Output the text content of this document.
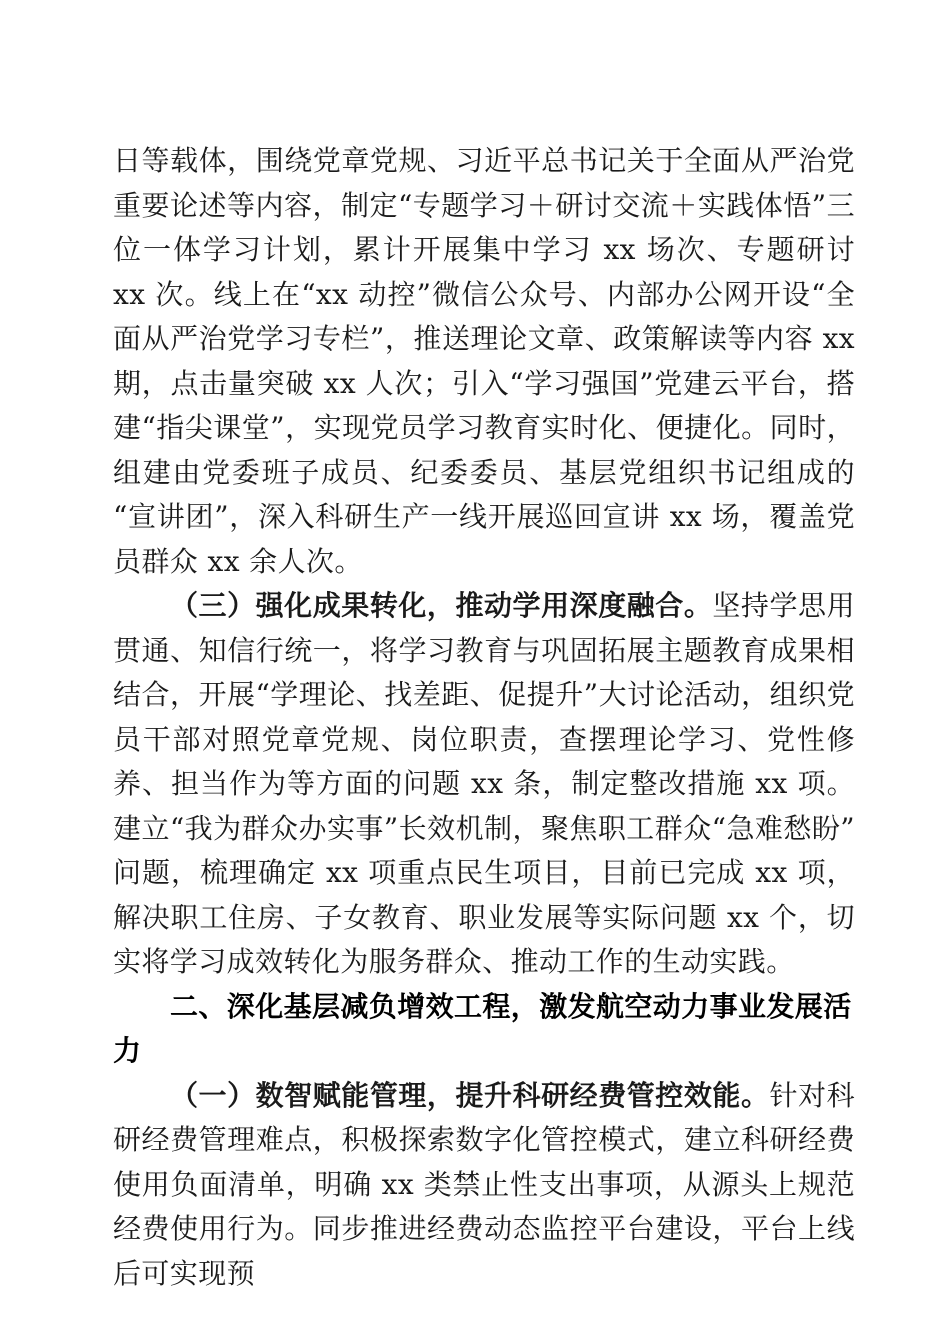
日等载体，围绕党章党规、习近平总书记关于全面从严治党重要论述等内容，制定“专题学习＋研讨交流＋实践体悟”三位一体学习计划，累计开展集中学习 xx 场次、专题研讨 xx 次。线上在“xx 动控”微信公众号、内部办公网开设“全面从严治党学习专栏”，推送理论文章、政策解读等内容 xx 期，点击量突破 xx 人次；引入“学习强国”党建云平台，搭建“指尖课堂”，实现党员学习教育实时化、便捷化。同时，组建由党委班子成员、纪委委员、基层党组织书记组成的“宣讲团”，深入科研生产一线开展巡回宣讲 xx 场，覆盖党员群众 xx 余人次。

（三）强化成果转化，推动学用深度融合。坚持学思用贯通、知信行统一，将学习教育与巩固拓展主题教育成果相结合，开展“学理论、找差距、促提升”大讨论活动，组织党员干部对照党章党规、岗位职责，查摆理论学习、党性修养、担当作为等方面的问题 xx 条，制定整改措施 xx 项。建立“我为群众办实事”长效机制，聚焦职工群众“急难愁盼”问题，梳理确定 xx 项重点民生项目，目前已完成 xx 项，解决职工住房、子女教育、职业发展等实际问题 xx 个，切实将学习成效转化为服务群众、推动工作的生动实践。

二、深化基层减负增效工程，激发航空动力事业发展活力

（一）数智赋能管理，提升科研经费管控效能。针对科研经费管理难点，积极探索数字化管控模式，建立科研经费使用负面清单，明确 xx 类禁止性支出事项，从源头上规范经费使用行为。同步推进经费动态监控平台建设，平台上线后可实现预
